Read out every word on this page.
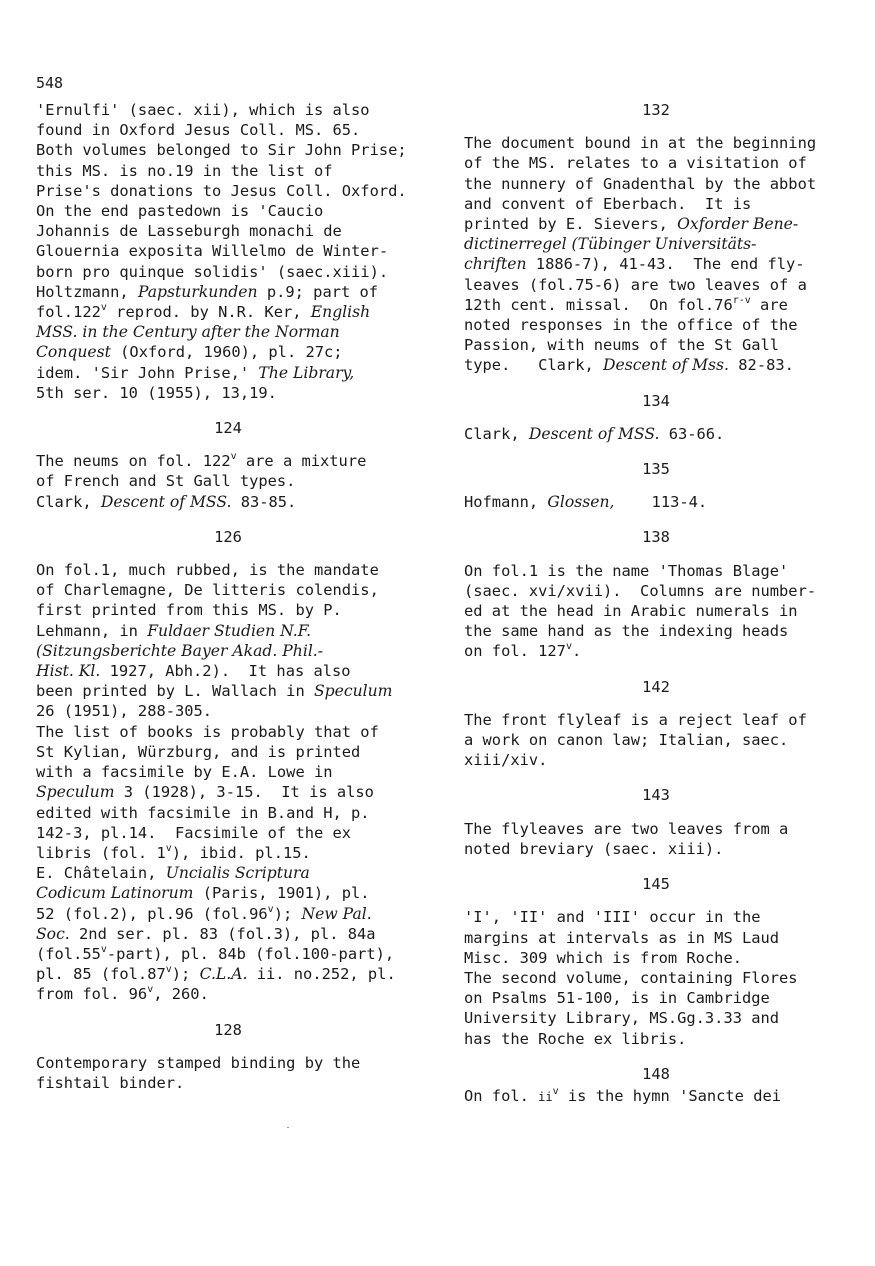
548
'Ernulfi' (saec. xii), which is also
found in Oxford Jesus Coll. MS. 65.
Both volumes belonged to Sir John Prise;
this MS. is no.19 in the list of
Prise's donations to Jesus Coll. Oxford.
On the end pastedown is 'Caucio
Johannis de Lasseburgh monachi de
Glouernia exposita Willelmo de Winter-
born pro quinque solidis' (saec.xiii).
Holtzmann, Papsturkunden p.9; part of
fol.122$^v$ reprod. by N.R. Ker, English
MSS. in the Century after the Norman
Conquest (Oxford, 1960), pl. 27c;
idem. 'Sir John Prise,' The Library,
5th ser. 10 (1955), 13,19.
124
The neums on fol. 122$^v$ are a mixture
of French and St Gall types.
Clark, Descent of MSS. 83-85.
126
On fol.1, much rubbed, is the mandate
of Charlemagne, De litteris colendis,
first printed from this MS. by P.
Lehmann, in Fuldaer Studien N.F.
(Sitzungsberichte Bayer Akad. Phil.-
Hist. Kl. 1927, Abh.2).  It has also
been printed by L. Wallach in Speculum
26 (1951), 288-305.
The list of books is probably that of
St Kylian, Würzburg, and is printed
with a facsimile by E.A. Lowe in
Speculum 3 (1928), 3-15.  It is also
edited with facsimile in B.and H, p.
142-3, pl.14.  Facsimile of the ex
libris (fol. 1$^v$), ibid. pl.15.
E. Châtelain, Uncialis Scriptura
Codicum Latinorum (Paris, 1901), pl.
52 (fol.2), pl.96 (fol.96$^v$); New Pal.
Soc. 2nd ser. pl. 83 (fol.3), pl. 84a
(fol.55$^v$-part), pl. 84b (fol.100-part),
pl. 85 (fol.87$^v$); C.L.A. ii. no.252, pl.
from fol. 96$^v$, 260.
128
Contemporary stamped binding by the
fishtail binder.
132
The document bound in at the beginning
of the MS. relates to a visitation of
the nunnery of Gnadenthal by the abbot
and convent of Eberbach.  It is
printed by E. Sievers, Oxforder Bene-
dictinerregel (Tübinger Universitäts-
chriften 1886-7), 41-43.  The end fly-
leaves (fol.75-6) are two leaves of a
12th cent. missal.  On fol.76$^{r-v}$ are
noted responses in the office of the
Passion, with neums of the St Gall
type.   Clark, Descent of Mss. 82-83.
134
Clark, Descent of MSS. 63-66.
135
Hofmann, Glossen,    113-4.
138
On fol.1 is the name 'Thomas Blage'
(saec. xvi/xvii).  Columns are number-
ed at the head in Arabic numerals in
the same hand as the indexing heads
on fol. 127$^v$.
142
The front flyleaf is a reject leaf of
a work on canon law; Italian, saec.
xiii/xiv.
143
The flyleaves are two leaves from a
noted breviary (saec. xiii).
145
'I', 'II' and 'III' occur in the
margins at intervals as in MS Laud
Misc. 309 which is from Roche.
The second volume, containing Flores
on Psalms 51-100, is in Cambridge
University Library, MS.Gg.3.33 and
has the Roche ex libris.
148
On fol. $ii^v$ is the hymn 'Sancte dei
